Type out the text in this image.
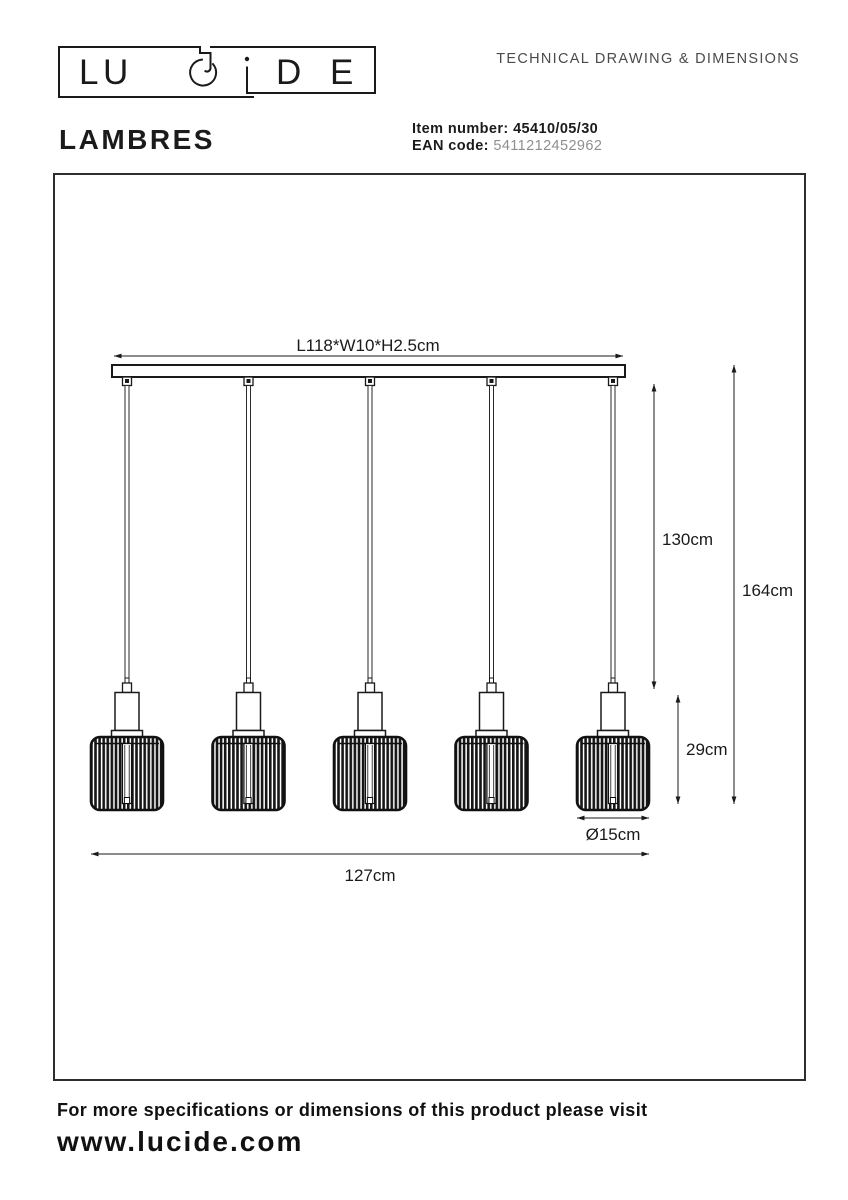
L U	D E	TECHNICAL DRAWING & DIMENSIONS
LAMBRES	Item number: 45410/05/30
EAN code: 5411212452962
L118*W10*H2.5cm
130cm
164cm
29cm
Ø15cm
127cm
For more specifications or dimensions of this product please visit
www.lucide.com
